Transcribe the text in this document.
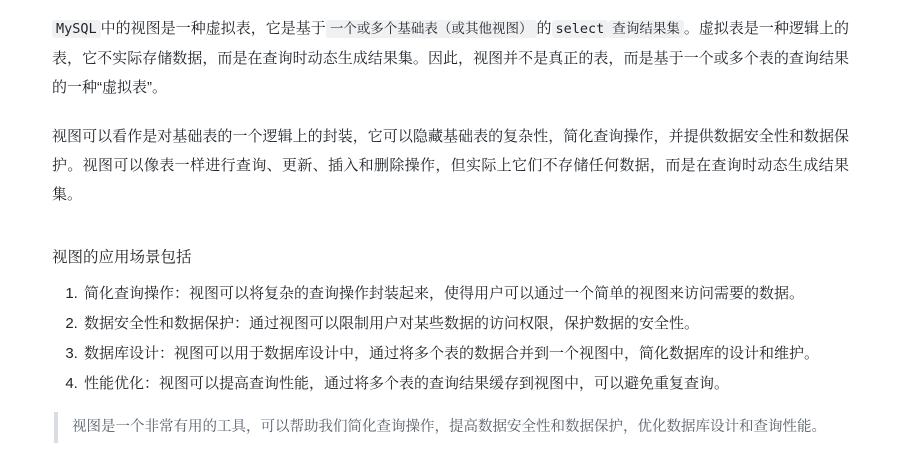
MySQL 中的视图是一种虚拟表，它是基于 一个或多个基础表（或其他视图） 的 select 查询结果集 。虚拟表是一种逻辑上的表，它不实际存储数据，而是在查询时动态生成结果集。因此，视图并不是真正的表，而是基于一个或多个表的查询结果的一种“虚拟表”。

视图可以看作是对基础表的一个逻辑上的封装，它可以隐藏基础表的复杂性，简化查询操作，并提供数据安全性和数据保护。视图可以像表一样进行查询、更新、插入和删除操作，但实际上它们不存储任何数据，而是在查询时动态生成结果集。

视图的应用场景包括

1. 简化查询操作：视图可以将复杂的查询操作封装起来，使得用户可以通过一个简单的视图来访问需要的数据。
2. 数据安全性和数据保护：通过视图可以限制用户对某些数据的访问权限，保护数据的安全性。
3. 数据库设计：视图可以用于数据库设计中，通过将多个表的数据合并到一个视图中，简化数据库的设计和维护。
4. 性能优化：视图可以提高查询性能，通过将多个表的查询结果缓存到视图中，可以避免重复查询。

视图是一个非常有用的工具，可以帮助我们简化查询操作，提高数据安全性和数据保护，优化数据库设计和查询性能。
